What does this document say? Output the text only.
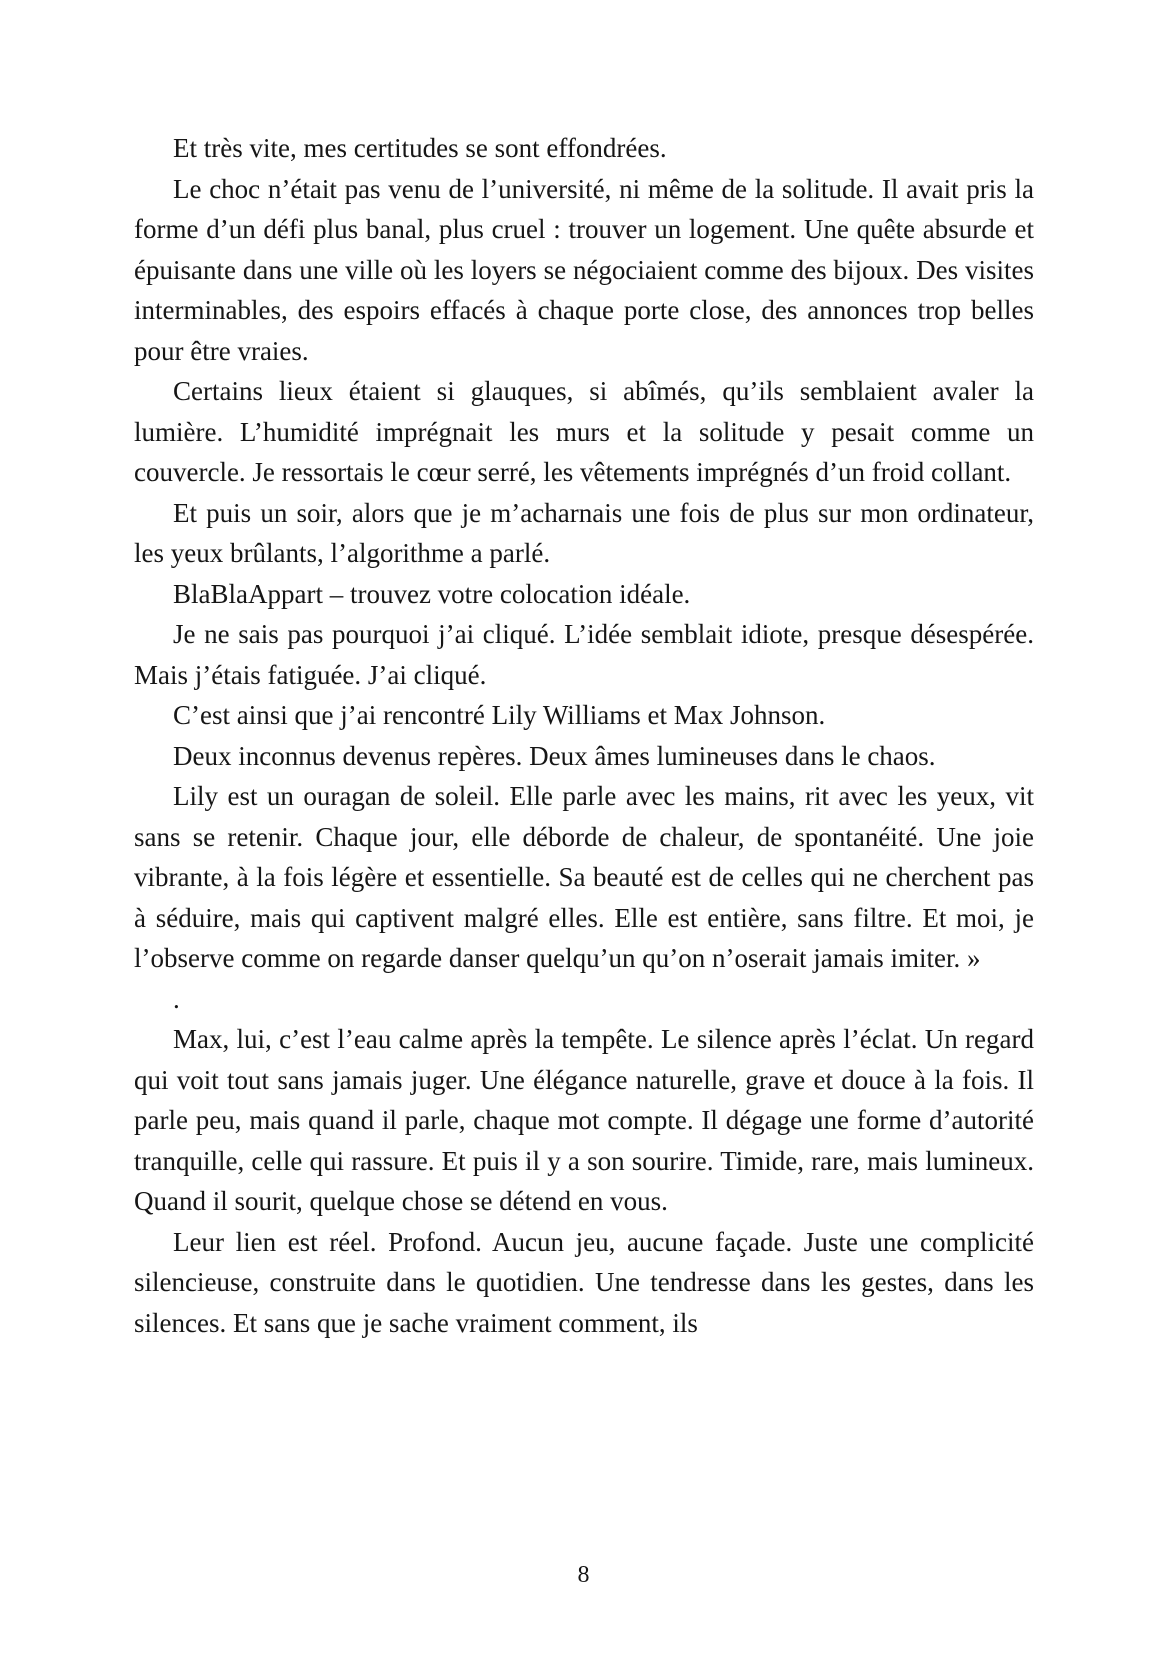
Et très vite, mes certitudes se sont effondrées.

Le choc n’était pas venu de l’université, ni même de la solitude. Il avait pris la forme d’un défi plus banal, plus cruel : trouver un logement. Une quête absurde et épuisante dans une ville où les loyers se négociaient comme des bijoux. Des visites interminables, des espoirs effacés à chaque porte close, des annonces trop belles pour être vraies.

Certains lieux étaient si glauques, si abîmés, qu’ils semblaient avaler la lumière. L’humidité imprégnait les murs et la solitude y pesait comme un couvercle. Je ressortais le cœur serré, les vêtements imprégnés d’un froid collant.

Et puis un soir, alors que je m’acharnais une fois de plus sur mon ordinateur, les yeux brûlants, l’algorithme a parlé.

BlaBlaAppart – trouvez votre colocation idéale.

Je ne sais pas pourquoi j’ai cliqué. L’idée semblait idiote, presque désespérée. Mais j’étais fatiguée. J’ai cliqué.

C’est ainsi que j’ai rencontré Lily Williams et Max Johnson.

Deux inconnus devenus repères. Deux âmes lumineuses dans le chaos.

Lily est un ouragan de soleil. Elle parle avec les mains, rit avec les yeux, vit sans se retenir. Chaque jour, elle déborde de chaleur, de spontanéité. Une joie vibrante, à la fois légère et essentielle. Sa beauté est de celles qui ne cherchent pas à séduire, mais qui captivent malgré elles. Elle est entière, sans filtre. Et moi, je l’observe comme on regarde danser quelqu’un qu’on n’oserait jamais imiter. »

.

Max, lui, c’est l’eau calme après la tempête. Le silence après l’éclat. Un regard qui voit tout sans jamais juger. Une élégance naturelle, grave et douce à la fois. Il parle peu, mais quand il parle, chaque mot compte. Il dégage une forme d’autorité tranquille, celle qui rassure. Et puis il y a son sourire. Timide, rare, mais lumineux. Quand il sourit, quelque chose se détend en vous.

Leur lien est réel. Profond. Aucun jeu, aucune façade. Juste une complicité silencieuse, construite dans le quotidien. Une tendresse dans les gestes, dans les silences. Et sans que je sache vraiment comment, ils

8
